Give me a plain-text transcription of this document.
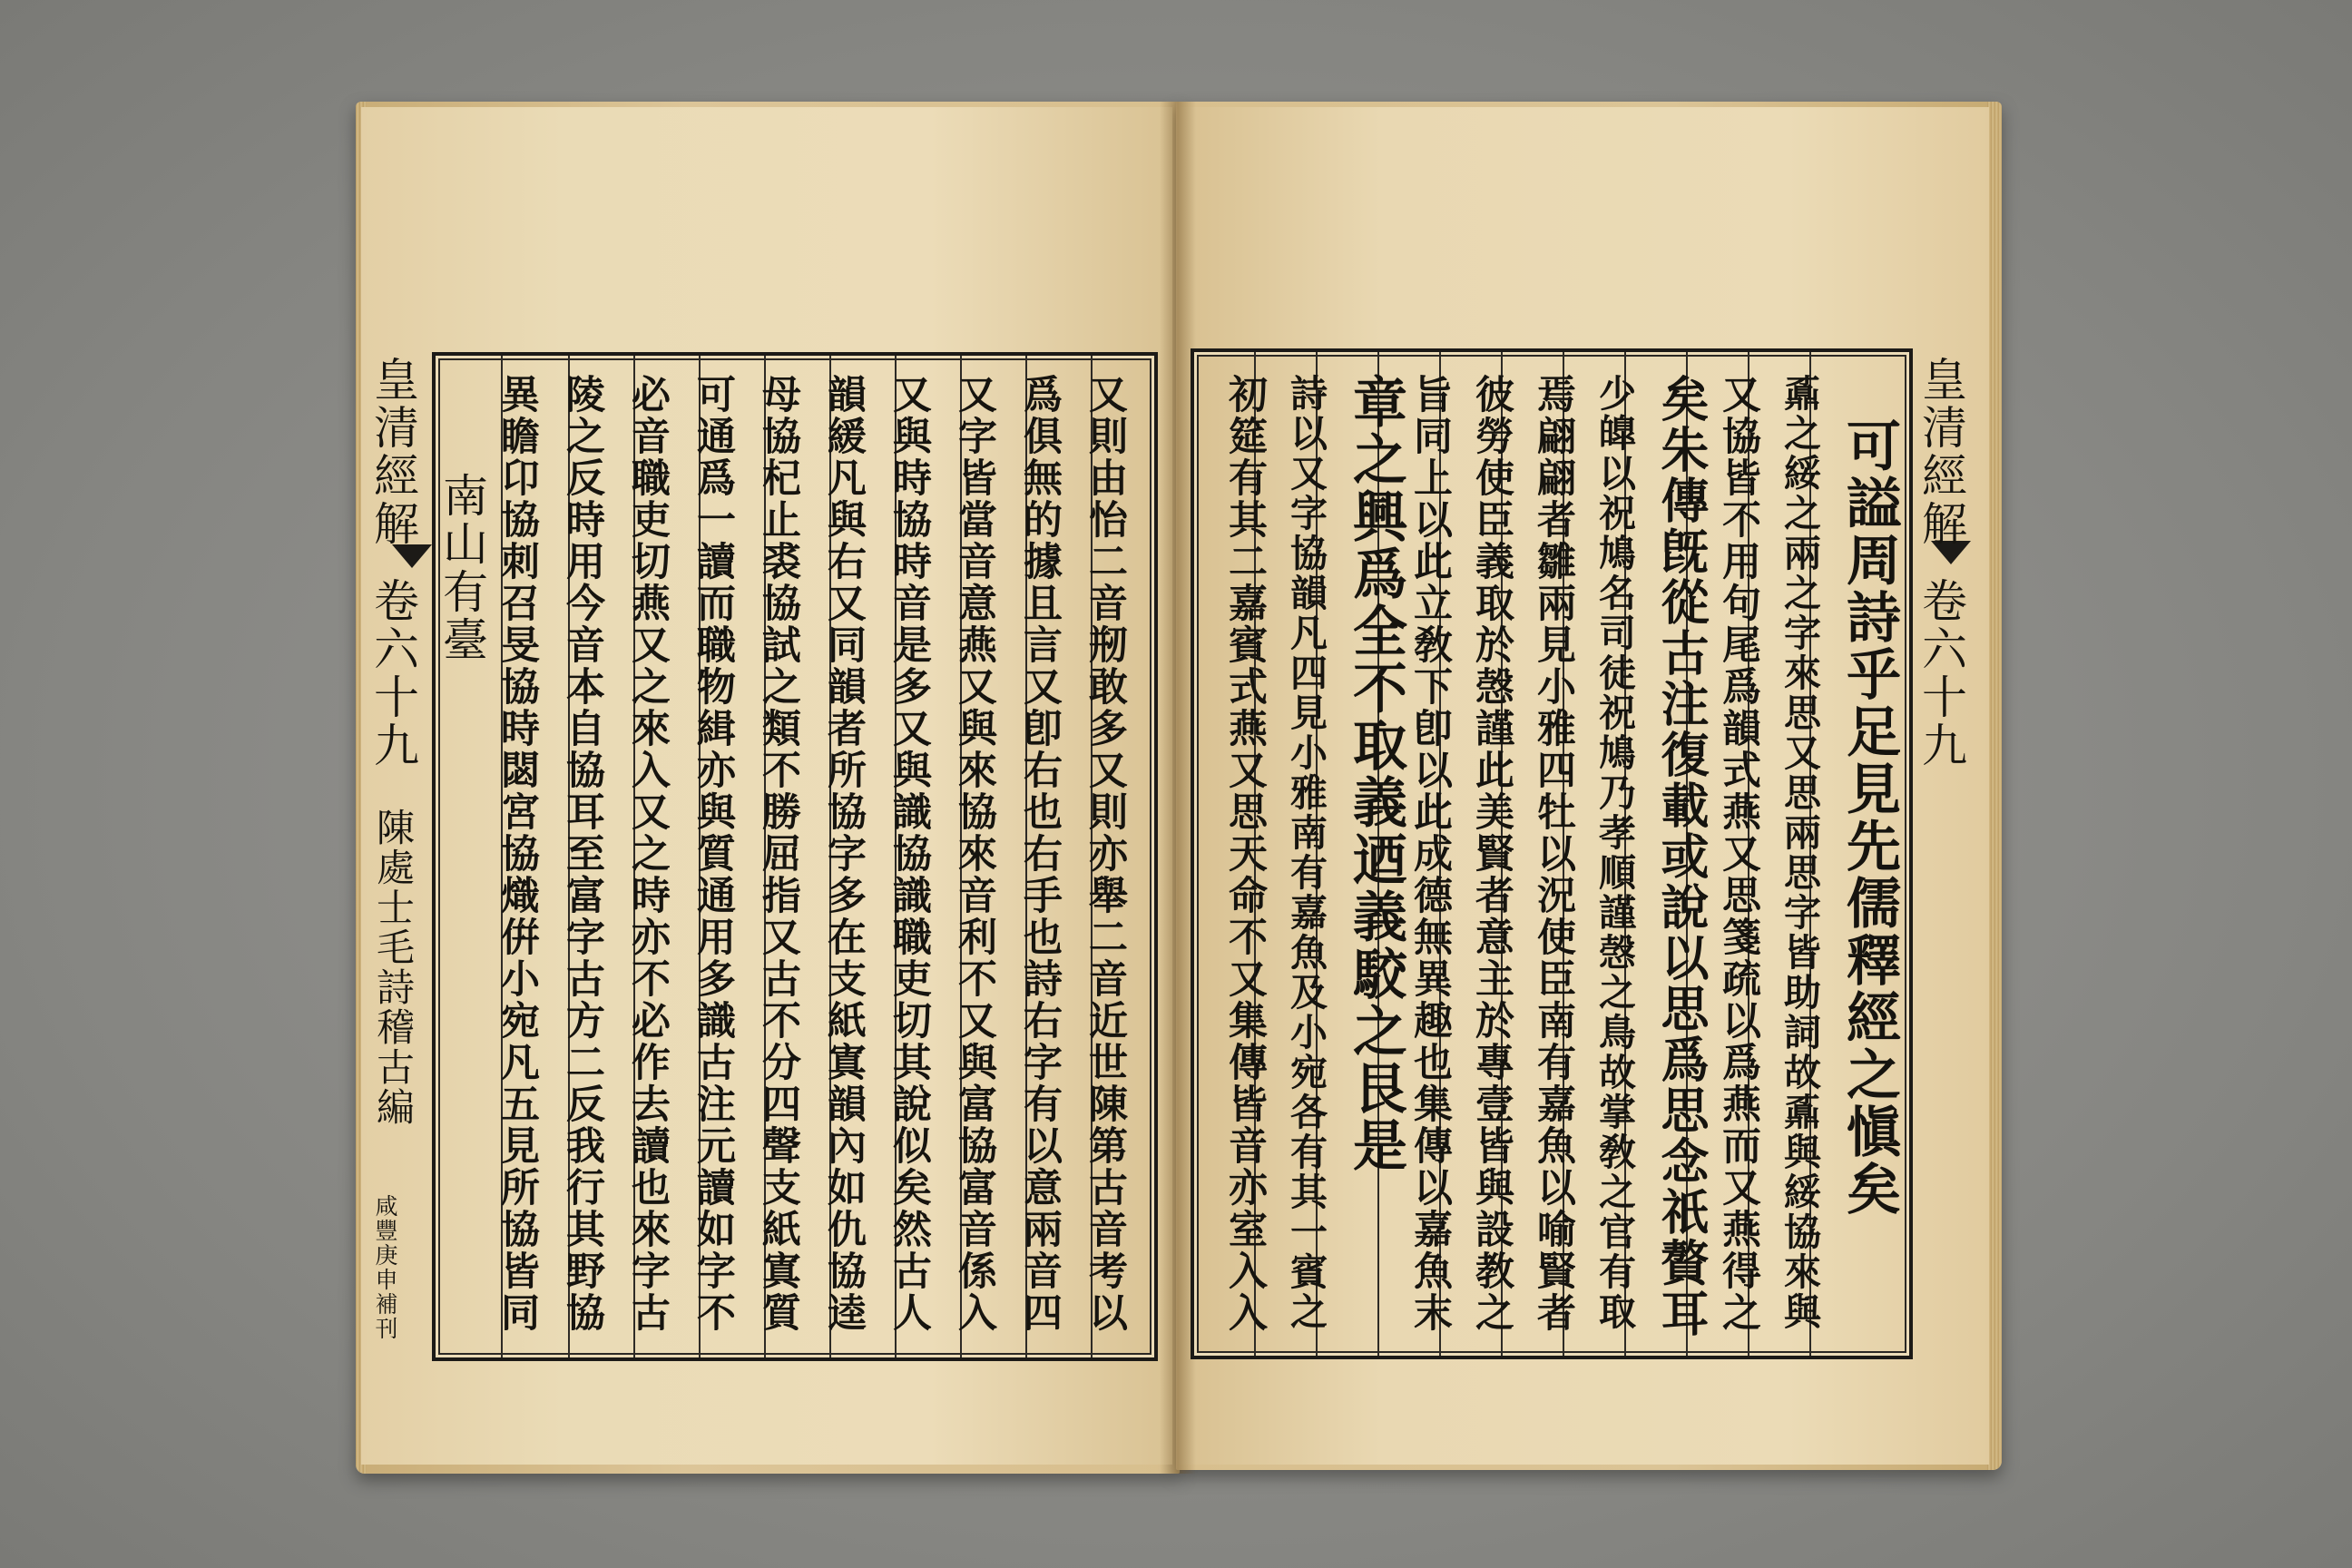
皇清經解
卷六十九
陳處士毛詩稽古編
咸豐庚申補刊	又則由怡二音剏敢多又則亦舉二音近世陳第古音考以
爲俱無的據且言又卽右也右手也詩右字有以意兩音四
又字皆當音意燕又與來協來音利不又與富協富音係入
又與時協時音是多又與識協識職吏切其說似矣然古人
韻緩凡與右又同韻者所協字多在支紙寘韻內如仇協逵
母協杞止裘協試之類不勝屈指又古不分四聲支紙寘質
可通爲一讀而職物緝亦與質通用多識古注元讀如字不
必音職吏切燕又之來入又之時亦不必作去讀也來字古
陵之反時用今音本自協耳至富字古方二反我行其野協
異瞻卬協刺召旻協時閟宮協熾倂小宛凡五見所協皆同
南山有臺
皇清經解
卷六十九
可謚周詩乎足見先儒釋經之愼矣
鼒之綏之兩之字來思又思兩思字皆助詞故鼒與綏協來與
又協皆不用句尾爲韻式燕又思箋疏以爲燕而又燕得之
矣朱傳旣從古注復載或說以思爲思念祇贅耳
少皥以祝鳩名司徒祝鳩乃孝順謹愨之鳥故掌敎之官有取
焉翩翩者雛兩見小雅四牡以況使臣南有嘉魚以喻賢者
彼勞使臣義取於愨謹此美賢者意主於專壹皆與設教之
旨同上以此立敎下卽以此成德無異趣也集傳以嘉魚末
章之興爲全不取義迺義駮之艮是
詩以又字協韻凡四見小雅南有嘉魚及小宛各有其一賓之
初筵有其二嘉賓式燕又思天命不又集傳皆音亦室入入
